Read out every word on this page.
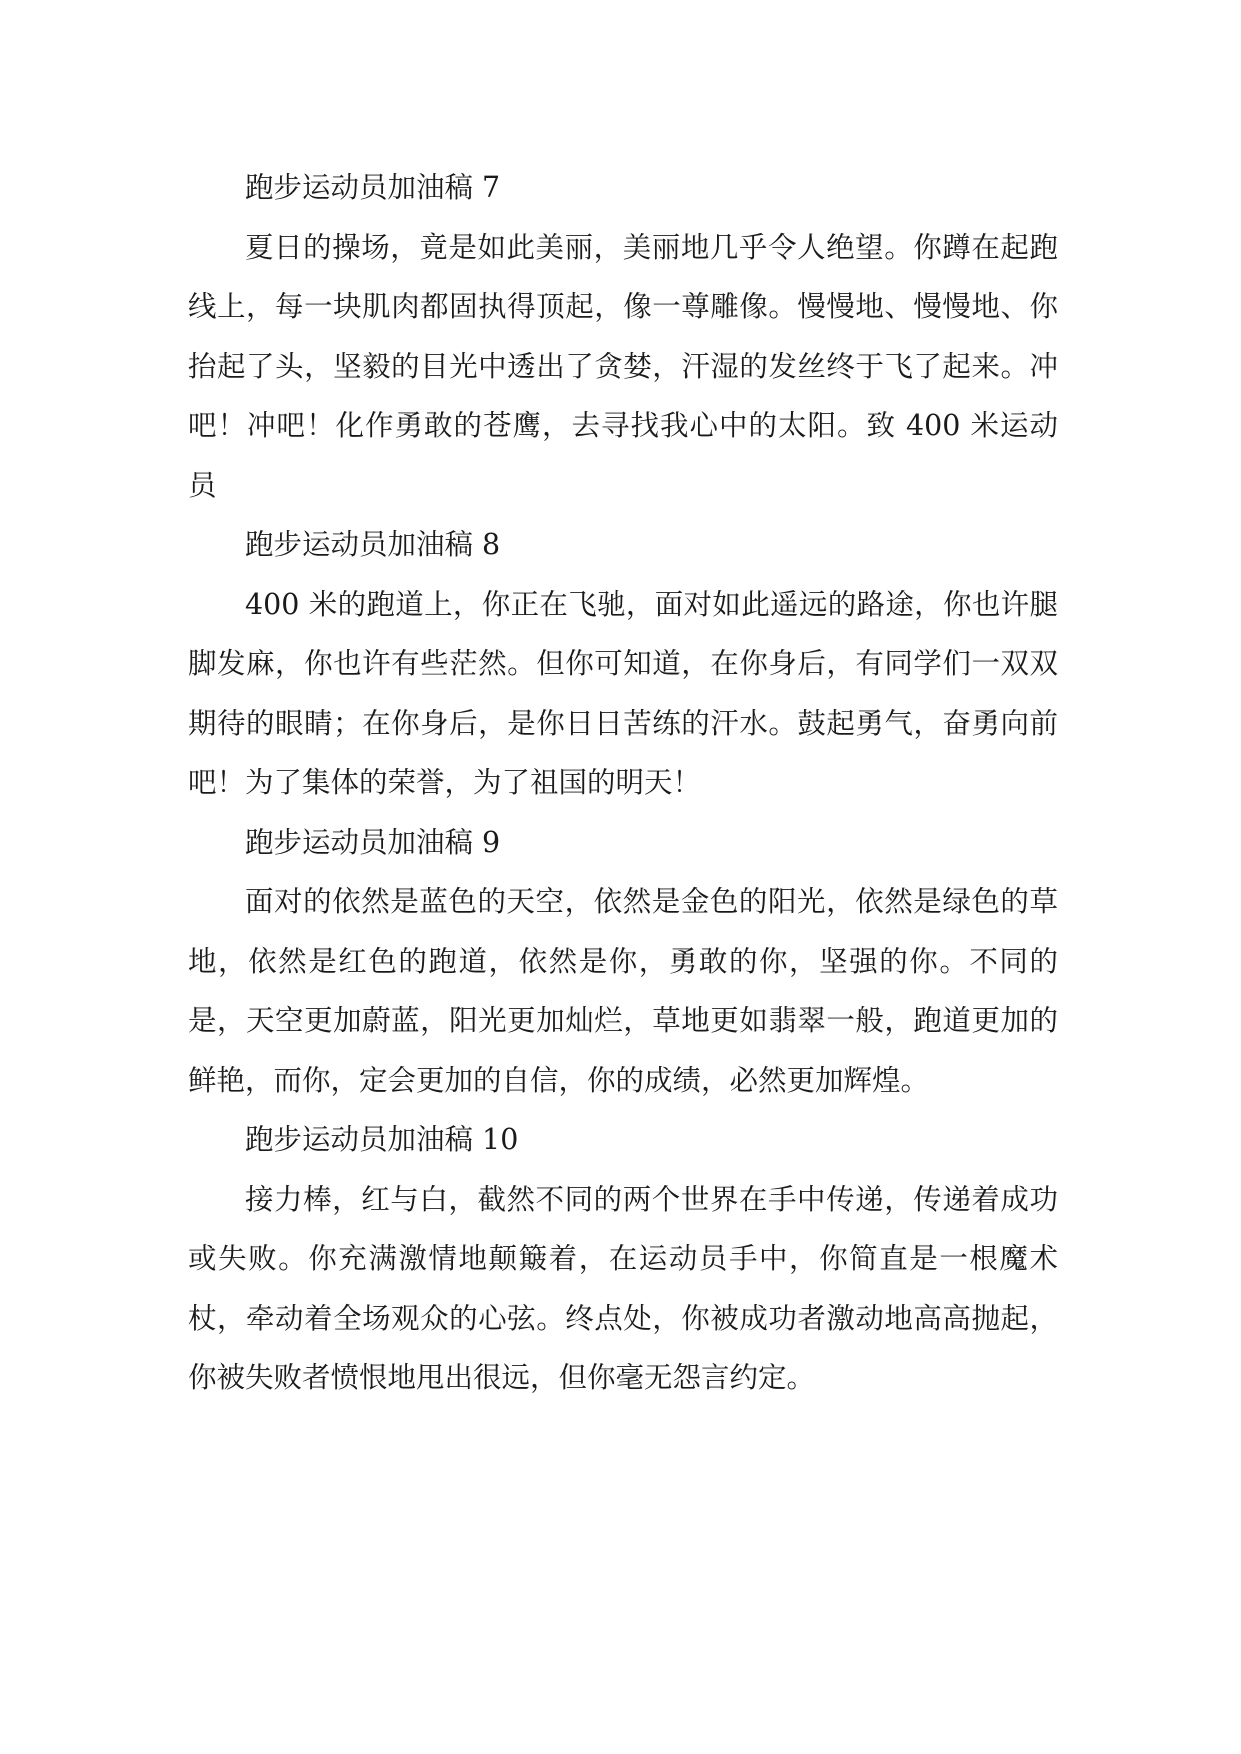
跑步运动员加油稿 7

夏日的操场，竟是如此美丽，美丽地几乎令人绝望。你蹲在起跑线上，每一块肌肉都固执得顶起，像一尊雕像。慢慢地、慢慢地、你抬起了头，坚毅的目光中透出了贪婪，汗湿的发丝终于飞了起来。冲吧！冲吧！化作勇敢的苍鹰，去寻找我心中的太阳。致 400 米运动员

跑步运动员加油稿 8

400 米的跑道上，你正在飞驰，面对如此遥远的路途，你也许腿脚发麻，你也许有些茫然。但你可知道，在你身后，有同学们一双双期待的眼睛；在你身后，是你日日苦练的汗水。鼓起勇气，奋勇向前吧！为了集体的荣誉，为了祖国的明天！

跑步运动员加油稿 9

面对的依然是蓝色的天空，依然是金色的阳光，依然是绿色的草地，依然是红色的跑道，依然是你，勇敢的你，坚强的你。不同的是，天空更加蔚蓝，阳光更加灿烂，草地更如翡翠一般，跑道更加的鲜艳，而你，定会更加的自信，你的成绩，必然更加辉煌。

跑步运动员加油稿 10

接力棒，红与白，截然不同的两个世界在手中传递，传递着成功或失败。你充满激情地颠簸着，在运动员手中，你简直是一根魔术杖，牵动着全场观众的心弦。终点处，你被成功者激动地高高抛起，你被失败者愤恨地甩出很远，但你毫无怨言约定。
